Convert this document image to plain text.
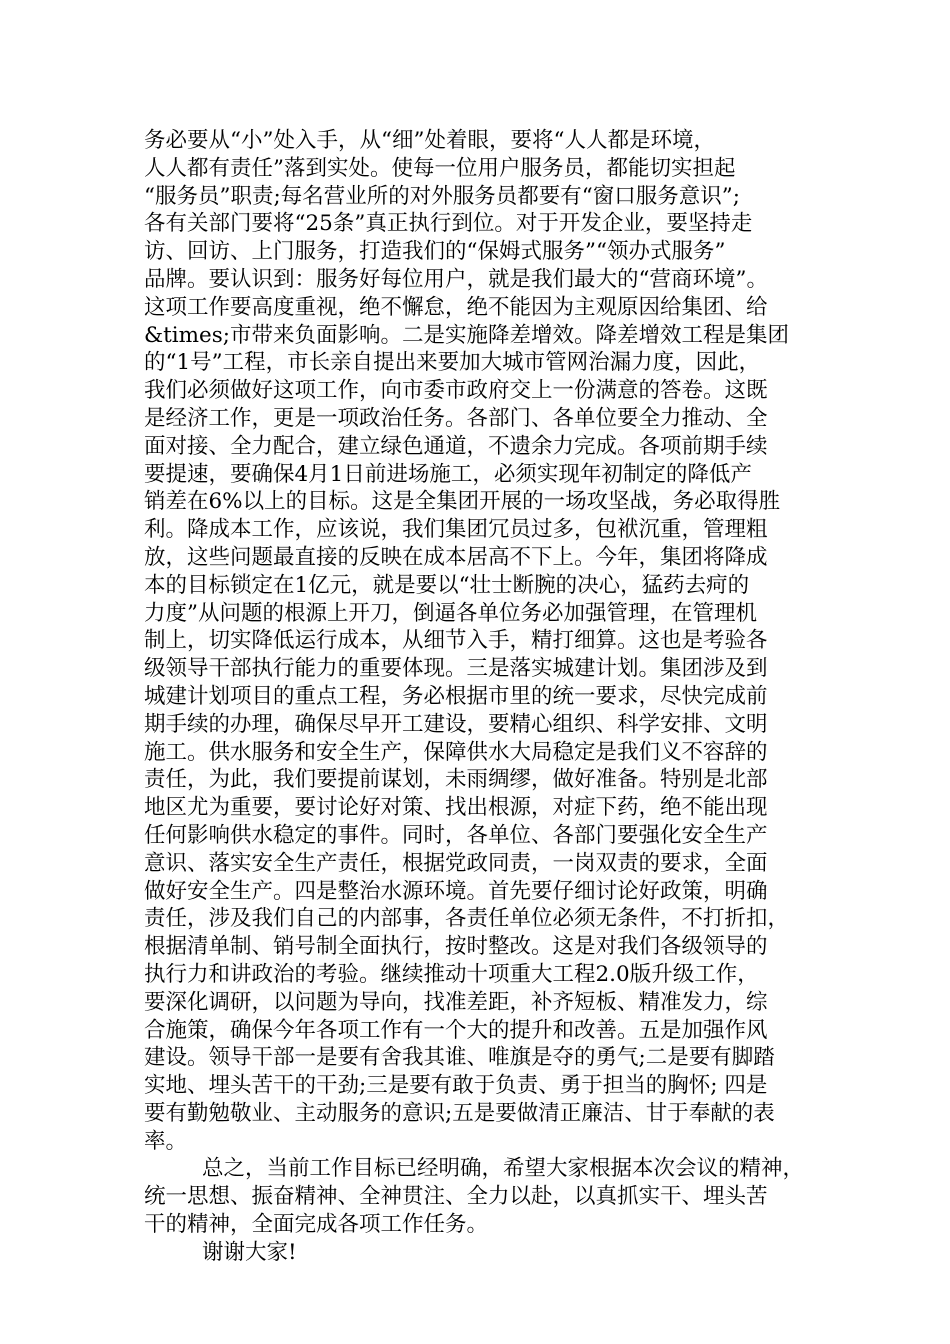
务必要从“小”处入手，从“细”处着眼，要将“人人都是环境，
人人都有责任”落到实处。使每一位用户服务员，都能切实担起
“服务员”职责;每名营业所的对外服务员都要有“窗口服务意识”;
各有关部门要将“25条”真正执行到位。对于开发企业，要坚持走
访、回访、上门服务，打造我们的“保姆式服务”“领办式服务”
品牌。要认识到：服务好每位用户，就是我们最大的“营商环境”。
这项工作要高度重视，绝不懈怠，绝不能因为主观原因给集团、给
&times;市带来负面影响。二是实施降差增效。降差增效工程是集团
的“1号”工程，市长亲自提出来要加大城市管网治漏力度，因此，
我们必须做好这项工作，向市委市政府交上一份满意的答卷。这既
是经济工作，更是一项政治任务。各部门、各单位要全力推动、全
面对接、全力配合，建立绿色通道，不遗余力完成。各项前期手续
要提速，要确保4月1日前进场施工，必须实现年初制定的降低产
销差在6%以上的目标。这是全集团开展的一场攻坚战，务必取得胜
利。降成本工作，应该说，我们集团冗员过多，包袱沉重，管理粗
放，这些问题最直接的反映在成本居高不下上。今年，集团将降成
本的目标锁定在1亿元，就是要以“壮士断腕的决心，猛药去疴的
力度”从问题的根源上开刀，倒逼各单位务必加强管理，在管理机
制上，切实降低运行成本，从细节入手，精打细算。这也是考验各
级领导干部执行能力的重要体现。三是落实城建计划。集团涉及到
城建计划项目的重点工程，务必根据市里的统一要求，尽快完成前
期手续的办理，确保尽早开工建设，要精心组织、科学安排、文明
施工。供水服务和安全生产，保障供水大局稳定是我们义不容辞的
责任，为此，我们要提前谋划，未雨绸缪，做好准备。特别是北部
地区尤为重要，要讨论好对策、找出根源，对症下药，绝不能出现
任何影响供水稳定的事件。同时，各单位、各部门要强化安全生产
意识、落实安全生产责任，根据党政同责，一岗双责的要求，全面
做好安全生产。四是整治水源环境。首先要仔细讨论好政策，明确
责任，涉及我们自己的内部事，各责任单位必须无条件，不打折扣，
根据清单制、销号制全面执行，按时整改。这是对我们各级领导的
执行力和讲政治的考验。继续推动十项重大工程2.0版升级工作，
要深化调研，以问题为导向，找准差距，补齐短板、精准发力，综
合施策，确保今年各项工作有一个大的提升和改善。五是加强作风
建设。领导干部一是要有舍我其谁、唯旗是夺的勇气;二是要有脚踏
实地、埋头苦干的干劲;三是要有敢于负责、勇于担当的胸怀; 四是
要有勤勉敬业、主动服务的意识;五是要做清正廉洁、甘于奉献的表
率。
总之，当前工作目标已经明确，希望大家根据本次会议的精神，
统一思想、振奋精神、全神贯注、全力以赴，以真抓实干、埋头苦
干的精神，全面完成各项工作任务。
谢谢大家!
